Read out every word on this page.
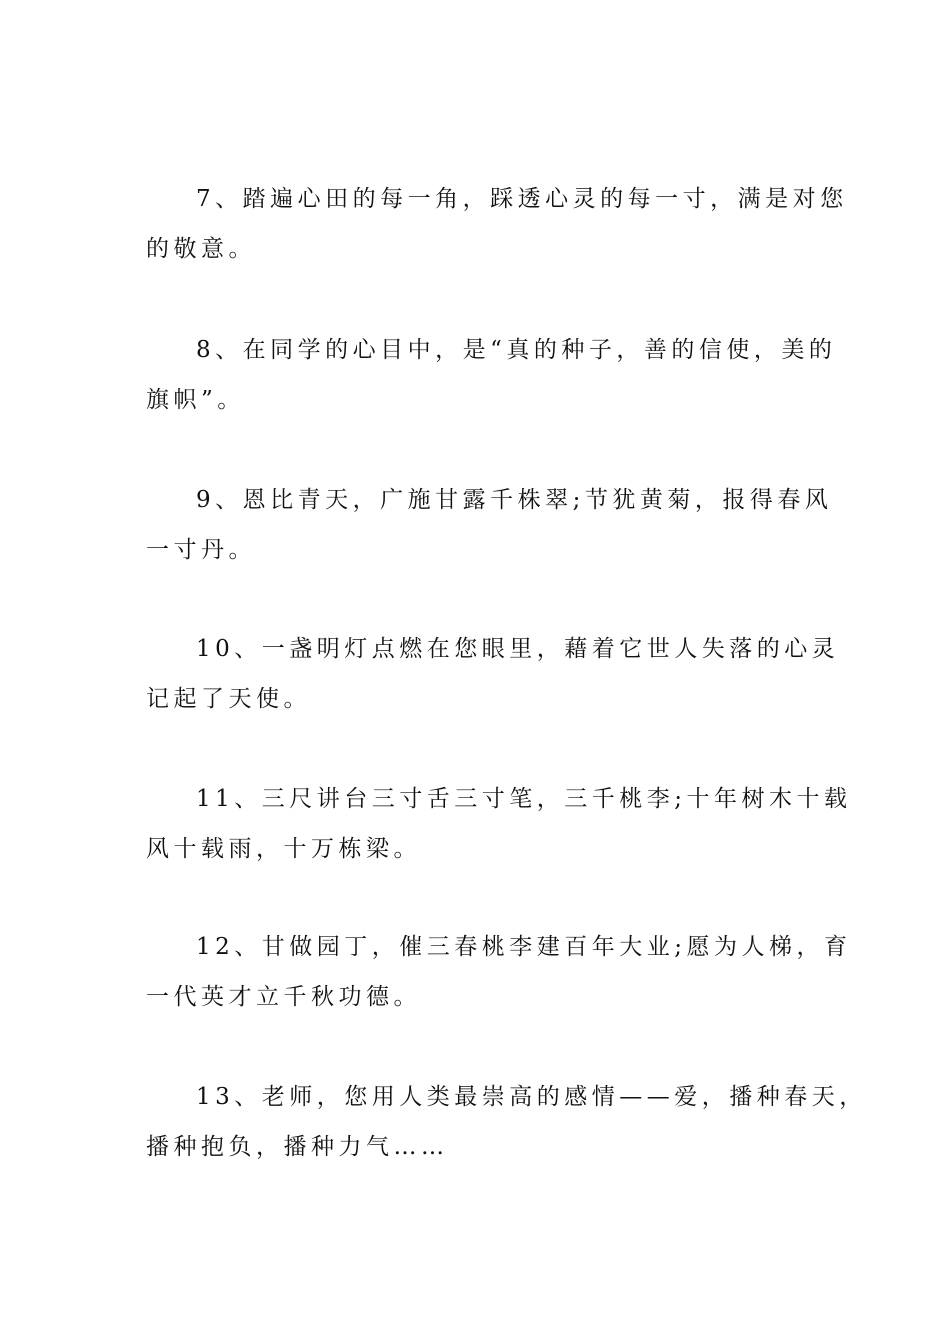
7、踏遍心田的每一角，踩透心灵的每一寸，满是对您
的敬意。
8、在同学的心目中，是“真的种子，善的信使，美的
旗帜”。
9、恩比青天，广施甘露千株翠;节犹黄菊，报得春风
一寸丹。
10、一盏明灯点燃在您眼里，藉着它世人失落的心灵
记起了天使。
11、三尺讲台三寸舌三寸笔，三千桃李;十年树木十载
风十载雨，十万栋梁。
12、甘做园丁，催三春桃李建百年大业;愿为人梯，育
一代英才立千秋功德。
13、老师，您用人类最崇高的感情——爱，播种春天，
播种抱负，播种力气……
